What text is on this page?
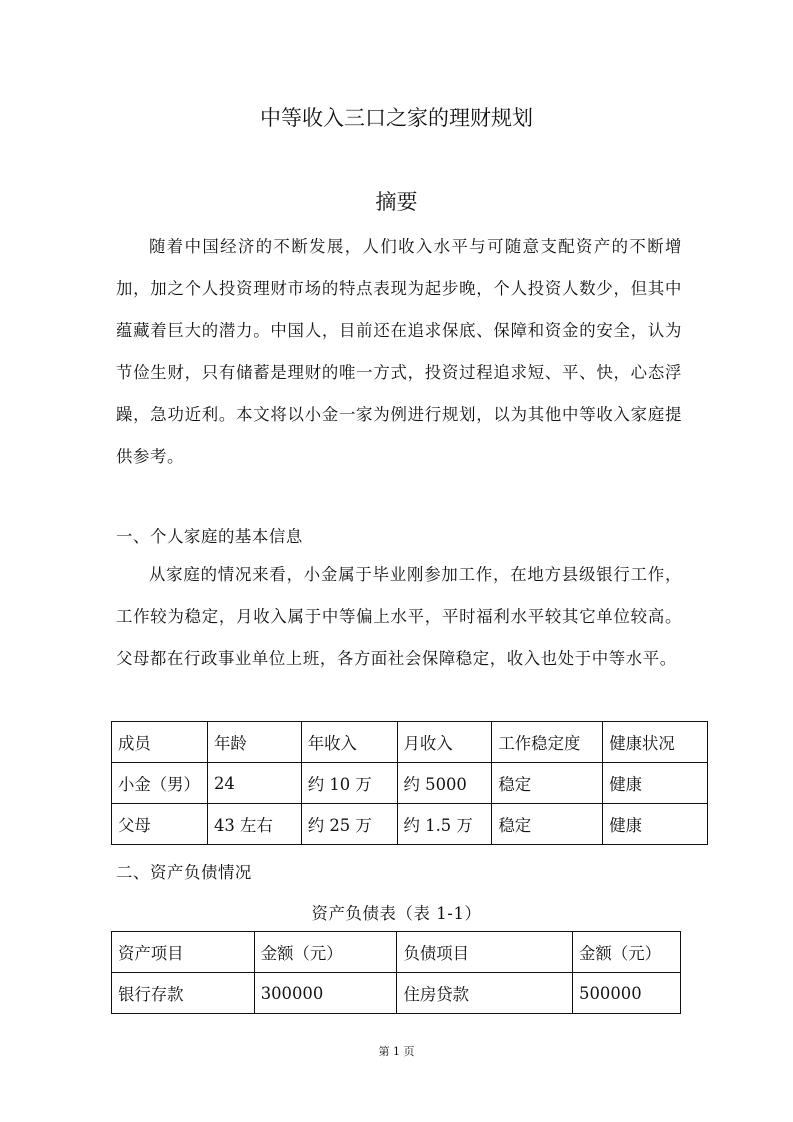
中等收入三口之家的理财规划
摘要
随着中国经济的不断发展，人们收入水平与可随意支配资产的不断增加，加之个人投资理财市场的特点表现为起步晚，个人投资人数少，但其中蕴藏着巨大的潜力。中国人，目前还在追求保底、保障和资金的安全，认为节俭生财，只有储蓄是理财的唯一方式，投资过程追求短、平、快，心态浮躁，急功近利。本文将以小金一家为例进行规划，以为其他中等收入家庭提供参考。
一、个人家庭的基本信息
从家庭的情况来看，小金属于毕业刚参加工作，在地方县级银行工作，工作较为稳定，月收入属于中等偏上水平，平时福利水平较其它单位较高。父母都在行政事业单位上班，各方面社会保障稳定，收入也处于中等水平。
成员	年龄	年收入	月收入	工作稳定度	健康状况
小金（男）	24	约 10 万	约 5000	稳定	健康
父母	43 左右	约 25 万	约 1.5 万	稳定	健康
二、资产负债情况
资产负债表（表 1-1）
资产项目	金额（元）	负债项目	金额（元）
银行存款	300000	住房贷款	500000
第 1 页
